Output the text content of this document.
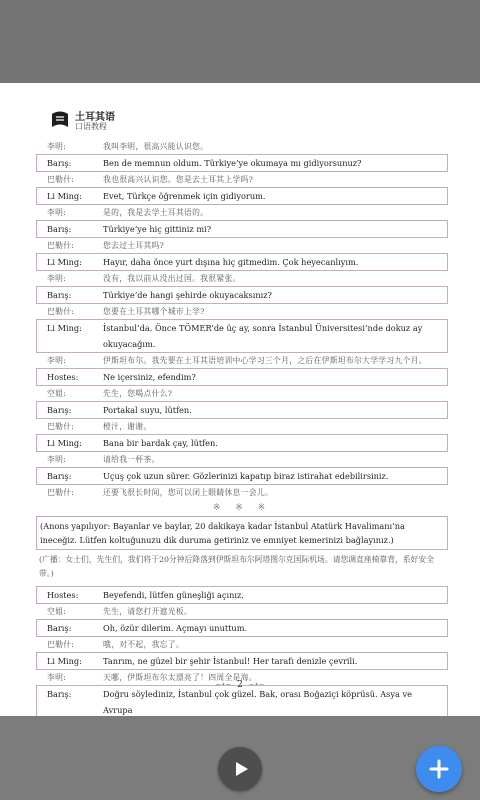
土耳其语
口语教程
李明:	我叫李明，很高兴能认识您。
Barış:	Ben de memnun oldum. Türkiye’ye okumaya mı gidiyorsunuz?
巴勒什:	我也很高兴认识您。您是去土耳其上学吗?
Li Ming:	Evet, Türkçe öğrenmek için gidiyorum.
李明:	是的，我是去学土耳其语的。
Barış:	Türkiye’ye hiç gittiniz mi?
巴勒什:	您去过土耳其吗?
Li Ming:	Hayır, daha önce yurt dışına hiç gitmedim. Çok heyecanlıyım.
李明:	没有，我以前从没出过国。我很紧张。
Barış:	Türkiye’de hangi şehirde okuyacaksınız?
巴勒什:	您要在土耳其哪个城市上学?
Li Ming:	İstanbul’da. Önce TÖMER’de üç ay, sonra İstanbul Üniversitesi’nde dokuz ay okuyacağım.
李明:	伊斯坦布尔。我先要在土耳其语培训中心学习三个月，之后在伊斯坦布尔大学学习九个月。
Hostes:	Ne içersiniz, efendim?
空姐:	先生，您喝点什么?
Barış:	Portakal suyu, lütfen.
巴勒什:	橙汁，谢谢。
Li Ming:	Bana bir bardak çay, lütfen.
李明:	请给我一杯茶。
Barış:	Uçuş çok uzun sürer. Gözlerinizi kapatıp biraz istirahat edebilirsiniz.
巴勒什:	还要飞很长时间，您可以闭上眼睛休息一会儿。
※ ※ ※
(Anons yapılıyor: Bayanlar ve baylar, 20 dakikaya kadar İstanbul Atatürk Havalimanı’na ineceğiz. Lütfen koltuğunuzu dik duruma getiriniz ve emniyet kemerinizi bağlayınız.)
(广播：女士们，先生们，我们将于20分钟后降落到伊斯坦布尔阿塔图尔克国际机场。请您调直座椅靠背，系好安全带。)
Hostes:	Beyefendi, lütfen güneşliği açınız.
空姐:	先生，请您打开遮光板。
Barış:	Oh, özür dilerim. Açmayı unuttum.
巴勒什:	哦，对不起，我忘了。
Li Ming:	Tanrım, ne güzel bir şehir İstanbul! Her tarafı denizle çevrili.
李明:	天哪，伊斯坦布尔太漂亮了！四周全是海。
Barış:	Doğru söylediniz, İstanbul çok güzel. Bak, orası Boğaziçi köprüsü. Asya ve Avrupa
~•~ 2 ~•~
